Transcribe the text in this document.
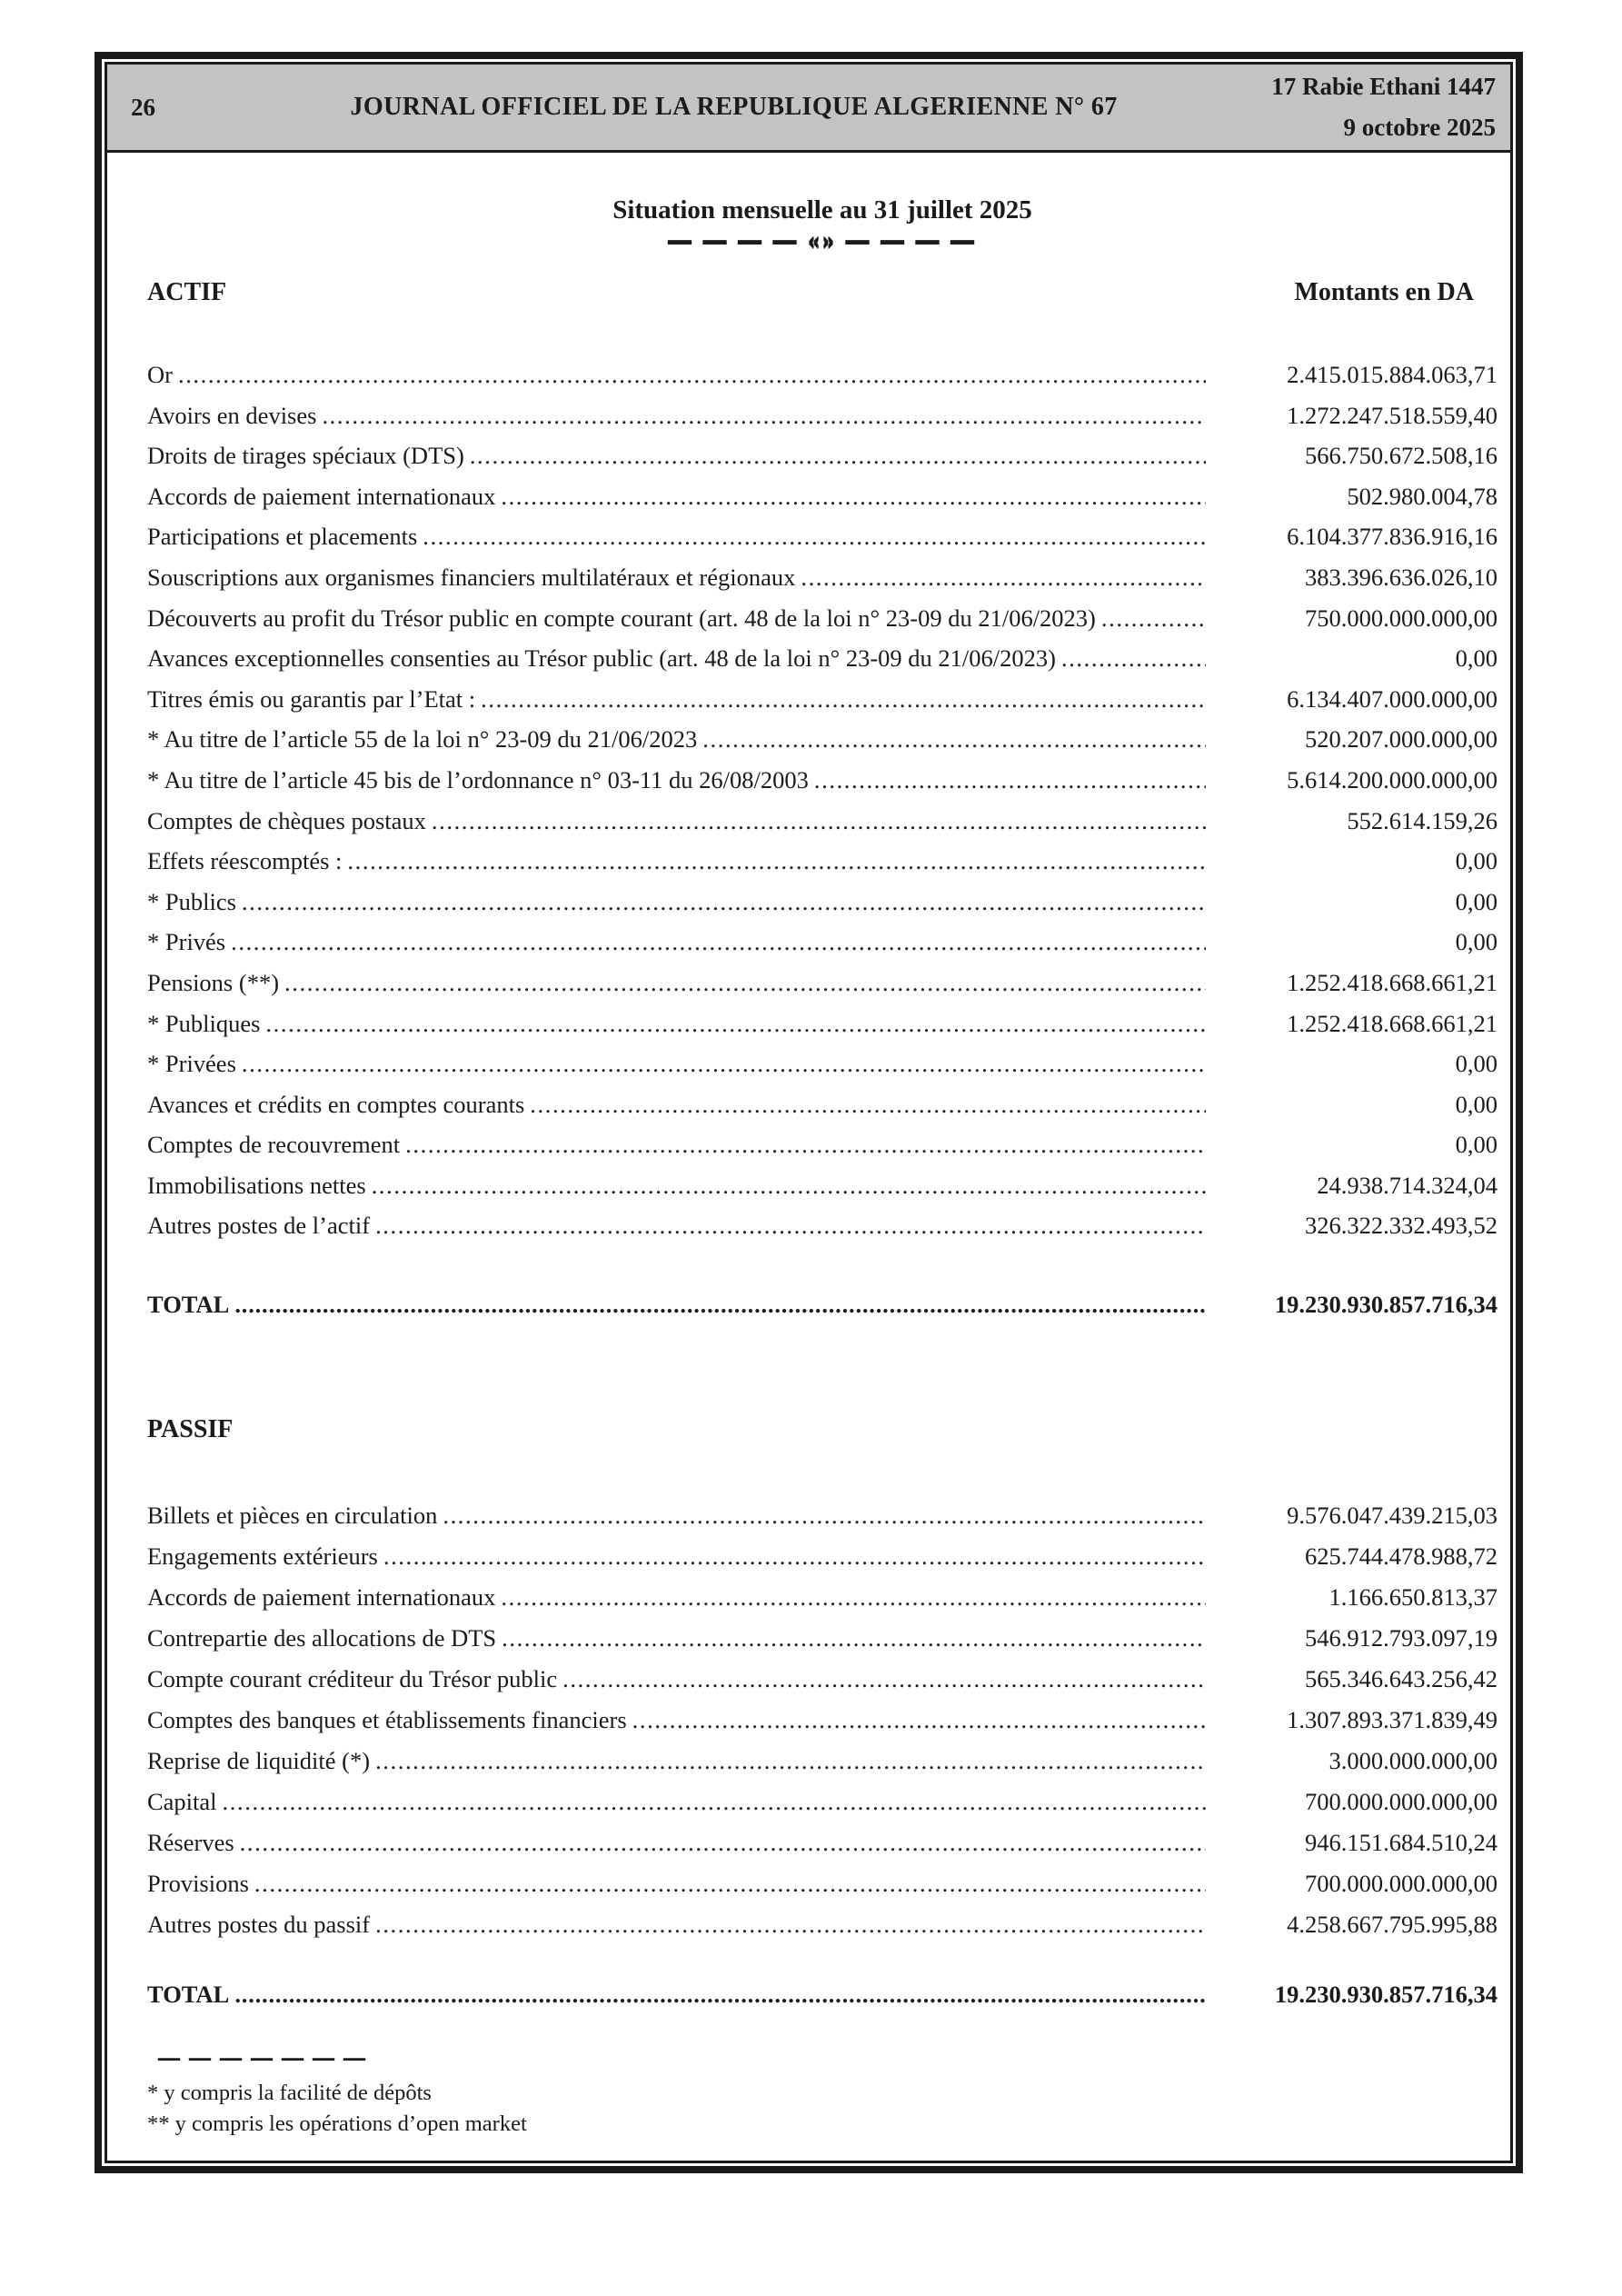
26	JOURNAL OFFICIEL DE LA REPUBLIQUE ALGERIENNE N° 67
17 Rabie Ethani 1447
9 octobre 2025
Situation mensuelle au 31 juillet 2025
— — — — «» — — — —
ACTIF	Montants en DA
Or .....	2.415.015.884.063,71
Avoirs en devises .....	1.272.247.518.559,40
Droits de tirages spéciaux (DTS) .....	566.750.672.508,16
Accords de paiement internationaux .....	502.980.004,78
Participations et placements .....	6.104.377.836.916,16
Souscriptions aux organismes financiers multilatéraux et régionaux .....	383.396.636.026,10
Découverts au profit du Trésor public en compte courant (art. 48 de la loi n° 23-09 du 21/06/2023) .....	750.000.000.000,00
Avances exceptionnelles consenties au Trésor public (art. 48 de la loi n° 23-09 du 21/06/2023) .....	0,00
Titres émis ou garantis par l’Etat : .....	6.134.407.000.000,00
* Au titre de l’article 55 de la loi n° 23-09 du 21/06/2023 .....	520.207.000.000,00
* Au titre de l’article 45 bis de l’ordonnance n° 03-11 du 26/08/2003 .....	5.614.200.000.000,00
Comptes de chèques postaux .....	552.614.159,26
Effets réescomptés : .....	0,00
* Publics .....	0,00
* Privés .....	0,00
Pensions (**) .....	1.252.418.668.661,21
* Publiques .....	1.252.418.668.661,21
* Privées .....	0,00
Avances et crédits en comptes courants .....	0,00
Comptes de recouvrement .....	0,00
Immobilisations nettes .....	24.938.714.324,04
Autres postes de l’actif .....	326.322.332.493,52
TOTAL .....	19.230.930.857.716,34
PASSIF
Billets et pièces en circulation .....	9.576.047.439.215,03
Engagements extérieurs .....	625.744.478.988,72
Accords de paiement internationaux .....	1.166.650.813,37
Contrepartie des allocations de DTS .....	546.912.793.097,19
Compte courant créditeur du Trésor public .....	565.346.643.256,42
Comptes des banques et établissements financiers .....	1.307.893.371.839,49
Reprise de liquidité (*) .....	3.000.000.000,00
Capital .....	700.000.000.000,00
Réserves .....	946.151.684.510,24
Provisions .....	700.000.000.000,00
Autres postes du passif .....	4.258.667.795.995,88
TOTAL .....	19.230.930.857.716,34
— — — — — — —
* y compris la facilité de dépôts
** y compris les opérations d’open market
